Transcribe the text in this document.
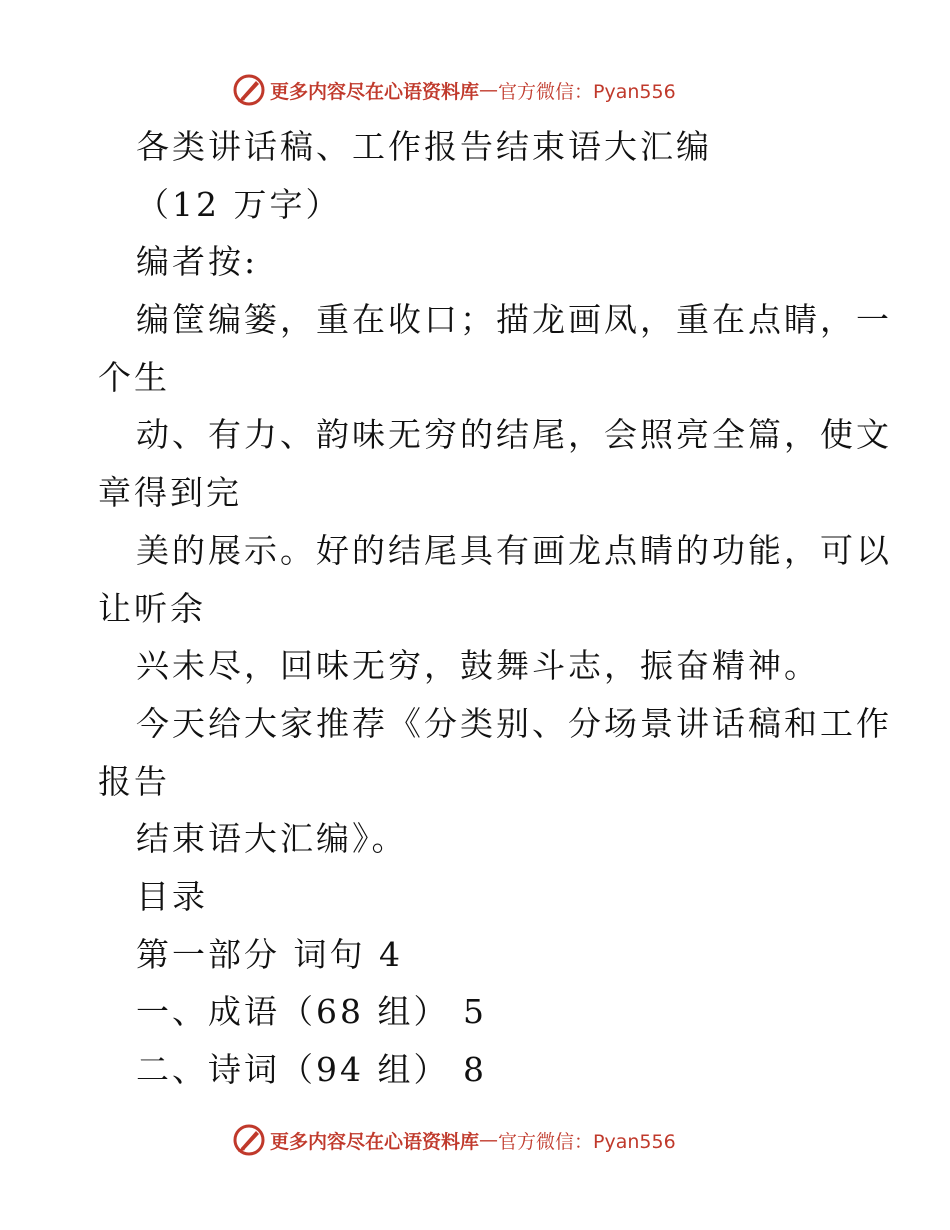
更多内容尽在心语资料库 — 官方微信：Pyan556
各类讲话稿、工作报告结束语大汇编
（12 万字）
编者按:
编筐编篓，重在收口；描龙画凤，重在点睛，一
个生
动、有力、韵味无穷的结尾，会照亮全篇，使文
章得到完
美的展示。好的结尾具有画龙点睛的功能，可以
让听余
兴未尽，回味无穷，鼓舞斗志，振奋精神。
今天给大家推荐《分类别、分场景讲话稿和工作
报告
结束语大汇编》。
目录
第一部分 词句 4
一、成语（68 组） 5
二、诗词（94 组） 8
更多内容尽在心语资料库 — 官方微信：Pyan556
